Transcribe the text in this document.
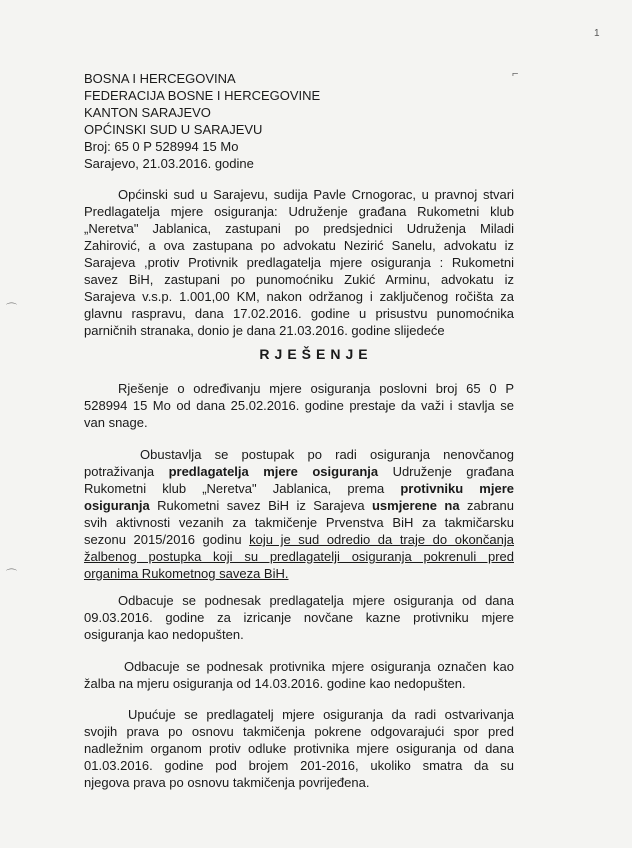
1
⌐
⌒
⌒
BOSNA I HERCEGOVINA
FEDERACIJA BOSNE I HERCEGOVINE
KANTON SARAJEVO
OPĆINSKI SUD U SARAJEVU
Broj: 65 0 P 528994 15 Mo
Sarajevo, 21.03.2016. godine
Općinski sud u Sarajevu, sudija Pavle Crnogorac, u pravnoj stvari
Predlagatelja mjere osiguranja: Udruženje građana Rukometni klub
„Neretva" Jablanica, zastupani po predsjednici Udruženja Miladi
Zahirović, a ova zastupana po advokatu Nezirić Sanelu, advokatu iz
Sarajeva ,protiv Protivnik predlagatelja mjere osiguranja : Rukometni
savez BiH, zastupani po punomoćniku Zukić Arminu, advokatu iz
Sarajeva v.s.p. 1.001,00 KM, nakon održanog i zaključenog ročišta za
glavnu raspravu, dana 17.02.2016. godine u prisustvu punomoćnika
parničnih stranaka, donio je dana 21.03.2016. godine slijedeće
RJEŠENJE
Rješenje o određivanju mjere osiguranja poslovni broj 65 0 P
528994 15 Mo od dana 25.02.2016. godine prestaje da važi i stavlja se
van snage.
Obustavlja se postupak po radi osiguranja nenovčanog
potraživanja predlagatelja mjere osiguranja Udruženje građana
Rukometni klub „Neretva" Jablanica, prema protivniku mjere
osiguranja Rukometni savez BiH iz Sarajeva usmjerene na zabranu
svih aktivnosti vezanih za takmičenje Prvenstva BiH za takmičarsku
sezonu 2015/2016 godinu koju je sud odredio da traje do okončanja
žalbenog postupka koji su predlagatelji osiguranja pokrenuli pred
organima Rukometnog saveza BiH.
Odbacuje se podnesak predlagatelja mjere osiguranja od dana
09.03.2016. godine za izricanje novčane kazne protivniku mjere
osiguranja kao nedopušten.
Odbacuje se podnesak protivnika mjere osiguranja označen kao
žalba na mjeru osiguranja od 14.03.2016. godine kao nedopušten.
Upućuje se predlagatelj mjere osiguranja da radi ostvarivanja
svojih prava po osnovu takmičenja pokrene odgovarajući spor pred
nadležnim organom protiv odluke protivnika mjere osiguranja od dana
01.03.2016. godine pod brojem 201-2016, ukoliko smatra da su
njegova prava po osnovu takmičenja povrijeđena.
